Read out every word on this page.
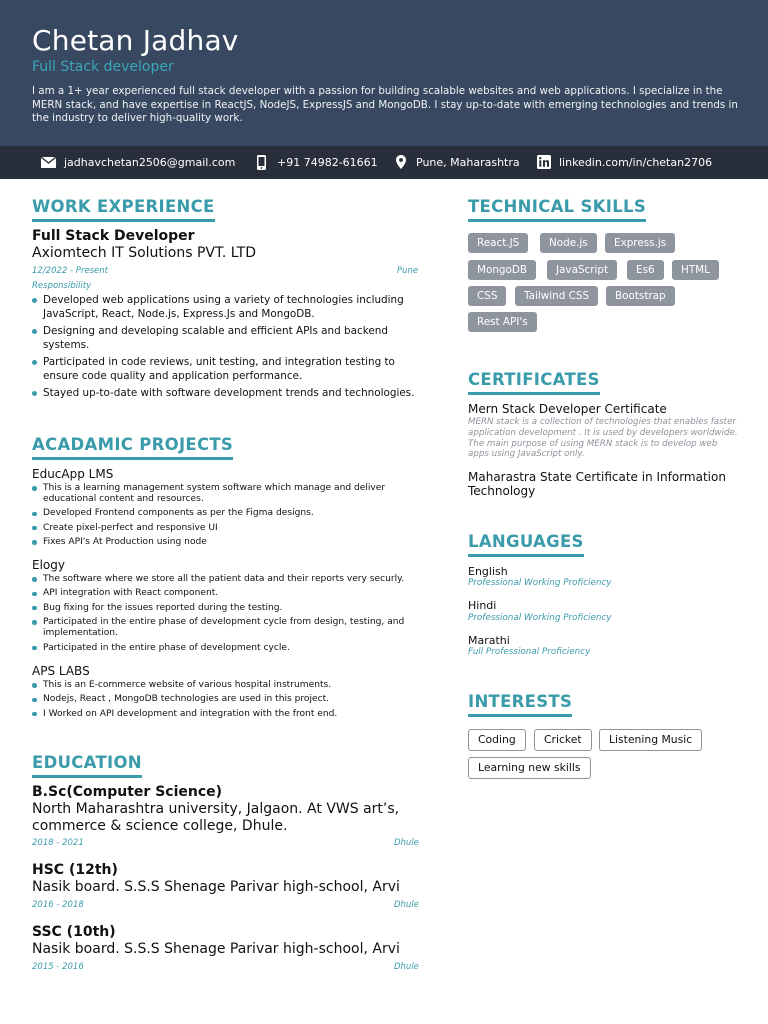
Chetan Jadhav
Full Stack developer
I am a 1+ year experienced full stack developer with a passion for building scalable websites and web applications. I specialize in the MERN stack, and have expertise in ReactJS, NodeJS, ExpressJS and MongoDB. I stay up-to-date with emerging technologies and trends in the industry to deliver high-quality work.
jadhavchetan2506@gmail.com	+91 74982-61661	Pune, Maharashtra	linkedin.com/in/chetan2706
WORK EXPERIENCE
Full Stack Developer
Axiomtech IT Solutions PVT. LTD
12/2022 - Present	Pune
Responsibility
Developed web applications using a variety of technologies including JavaScript, React, Node.js, Express.Js and MongoDB.
Designing and developing scalable and efficient APIs and backend systems.
Participated in code reviews, unit testing, and integration testing to ensure code quality and application performance.
Stayed up-to-date with software development trends and technologies.
ACADAMIC PROJECTS
EducApp LMS
This is a learning management system software which manage and deliver educational content and resources.
Developed Frontend components as per the Figma designs.
Create pixel-perfect and responsive UI
Fixes API's At Production using node
Elogy
The software where we store all the patient data and their reports very securly.
API integration with React component.
Bug fixing for the issues reported during the testing.
Participated in the entire phase of development cycle from design, testing, and implementation.
Participated in the entire phase of development cycle.
APS LABS
This is an E-commerce website of various hospital instruments.
Nodejs, React , MongoDB technologies are used in this project.
I Worked on API development and integration with the front end.
EDUCATION
B.Sc(Computer Science)
North Maharashtra university, Jalgaon. At VWS art’s, commerce & science college, Dhule.
2018 - 2021	Dhule
HSC (12th)
Nasik board. S.S.S Shenage Parivar high-school, Arvi
2016 - 2018	Dhule
SSC (10th)
Nasik board. S.S.S Shenage Parivar high-school, Arvi
2015 - 2016	Dhule
TECHNICAL SKILLS
React.JS	Node.js	Express.js
MongoDB	JavaScript	Es6	HTML
CSS	Tailwind CSS	Bootstrap
Rest API's
CERTIFICATES
Mern Stack Developer Certificate
MERN stack is a collection of technologies that enables faster application development . It is used by developers worldwide. The main purpose of using MERN stack is to develop web apps using JavaScript only.
Maharastra State Certificate in Information Technology
LANGUAGES
English
Professional Working Proficiency
Hindi
Professional Working Proficiency
Marathi
Full Professional Proficiency
INTERESTS
Coding	Cricket	Listening Music
Learning new skills
